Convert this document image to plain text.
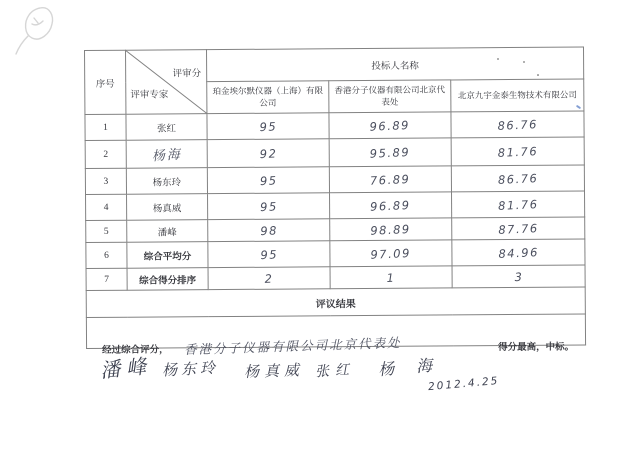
序号	评审分
评审专家	投标人名称		
		珀金埃尔默仪器（上海）有限公司	香港分子仪器有限公司北京代表处	北京九宇金泰生物技术有限公司
1	张红	95	96.89	86.76
2	杨海	92	95.89	81.76
3	杨东玲	95	76.89	86.76
4	杨真威	95	96.89	81.76
5	潘峰	98	98.89	87.76
6	综合平均分	95	97.09	84.96
7	综合得分排序	2	1	3
评议结果				

经过综合评分， 香港分子仪器有限公司北京代表处 得分最高，中标。				
潘峰 杨东玲 杨真威 张红 杨海
2012.4.25
